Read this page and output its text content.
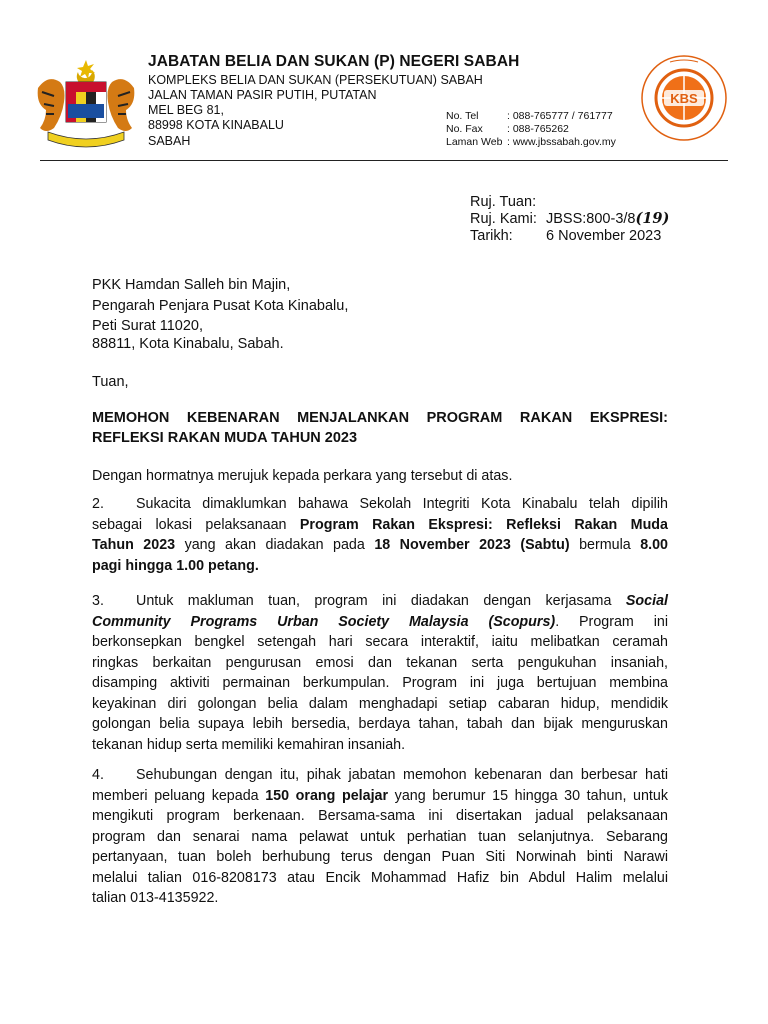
JABATAN BELIA DAN SUKAN (P) NEGERI SABAH
KOMPLEKS BELIA DAN SUKAN (PERSEKUTUAN) SABAH
JALAN TAMAN PASIR PUTIH, PUTATAN
MEL BEG 81,
88998 KOTA KINABALU
SABAH
No. Tel	: 088-765777 / 761777
No. Fax : 088-765262
Laman Web : www.jbssabah.gov.my
KBS
Ruj. Tuan:
Ruj. Kami: JBSS:800-3/8(19)
Tarikh: 6 November 2023
PKK Hamdan Salleh bin Majin,
Pengarah Penjara Pusat Kota Kinabalu,
Peti Surat 11020,
88811, Kota Kinabalu, Sabah.
Tuan,
MEMOHON KEBENARAN MENJALANKAN PROGRAM RAKAN EKSPRESI: REFLEKSI RAKAN MUDA TAHUN 2023
Dengan hormatnya merujuk kepada perkara yang tersebut di atas.
2. Sukacita dimaklumkan bahawa Sekolah Integriti Kota Kinabalu telah dipilih
sebagai lokasi pelaksanaan Program Rakan Ekspresi: Refleksi Rakan Muda
Tahun 2023 yang akan diadakan pada 18 November 2023 (Sabtu) bermula 8.00
pagi hingga 1.00 petang.
3. Untuk makluman tuan, program ini diadakan dengan kerjasama Social
Community Programs Urban Society Malaysia (Scopurs). Program ini
berkonsepkan bengkel setengah hari secara interaktif, iaitu melibatkan ceramah
ringkas berkaitan pengurusan emosi dan tekanan serta pengukuhan insaniah,
disamping aktiviti permainan berkumpulan. Program ini juga bertujuan membina
keyakinan diri golongan belia dalam menghadapi setiap cabaran hidup, mendidik
golongan belia supaya lebih bersedia, berdaya tahan, tabah dan bijak menguruskan
tekanan hidup serta memiliki kemahiran insaniah.
4. Sehubungan dengan itu, pihak jabatan memohon kebenaran dan berbesar hati
memberi peluang kepada 150 orang pelajar yang berumur 15 hingga 30 tahun, untuk
mengikuti program berkenaan. Bersama-sama ini disertakan jadual pelaksanaan
program dan senarai nama pelawat untuk perhatian tuan selanjutnya. Sebarang
pertanyaan, tuan boleh berhubung terus dengan Puan Siti Norwinah binti Narawi
melalui talian 016-8208173 atau Encik Mohammad Hafiz bin Abdul Halim melalui
talian 013-4135922.
